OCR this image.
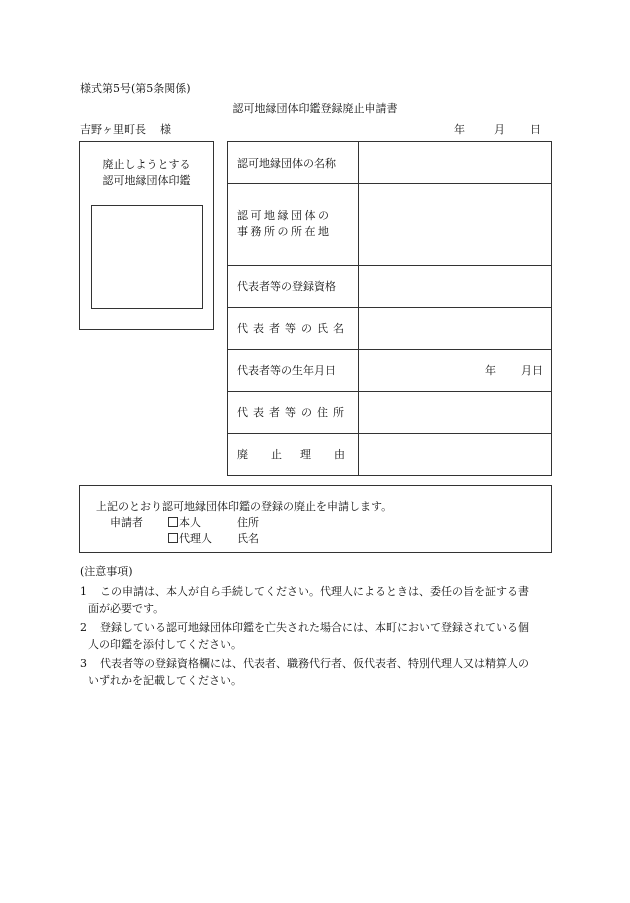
様式第5号(第5条関係)
認可地縁団体印鑑登録廃止申請書
吉野ヶ里町長 様	年	月 日
廃止しようとする
認可地縁団体印鑑
認可地縁団体の名称	

認可地縁団体の
事務所の所在地	

代表者等の登録資格	
代表者等の氏名	
代表者等の生年月日	年 月日
代表者等の住所	
廃 止 理 由	
上記のとおり認可地縁団体印鑑の登録の廃止を申請します。
申請者	本人	住所
代理人 氏名
(注意事項)
1 この申請は、本人が自ら手続してください。代理人によるときは、委任の旨を証する書
面が必要です。
2 登録している認可地縁団体印鑑を亡失された場合には、本町において登録されている個
人の印鑑を添付してください。
3 代表者等の登録資格欄には、代表者、職務代行者、仮代表者、特別代理人又は精算人の
いずれかを記載してください。
